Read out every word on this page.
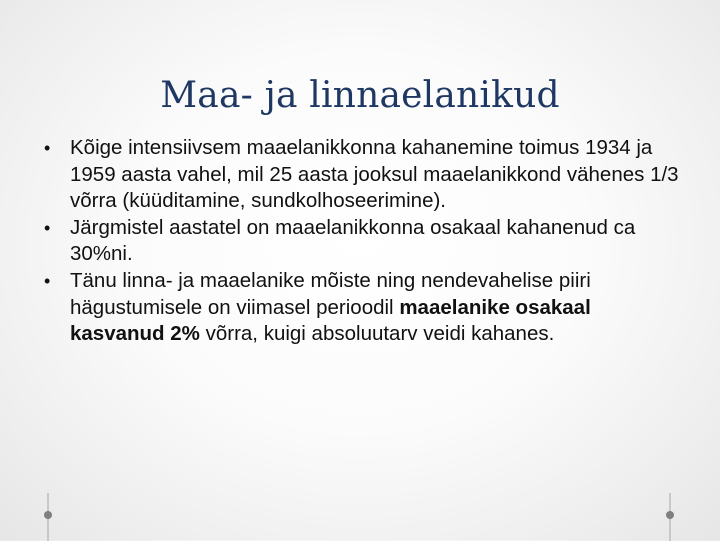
Maa- ja linnaelanikud
• Kõige intensiivsem maaelanikkonna kahanemine toimus 1934 ja 1959 aasta vahel, mil 25 aasta jooksul maaelanikkond vähenes 1/3 võrra (küüditamine, sundkolhoseerimine).
• Järgmistel aastatel on maaelanikkonna osakaal kahanenud ca 30%ni.
• Tänu linna- ja maaelanike mõiste ning nendevahelise piiri hägustumisele on viimasel perioodil maaelanike osakaal kasvanud 2% võrra, kuigi absoluutarv veidi kahanes.
